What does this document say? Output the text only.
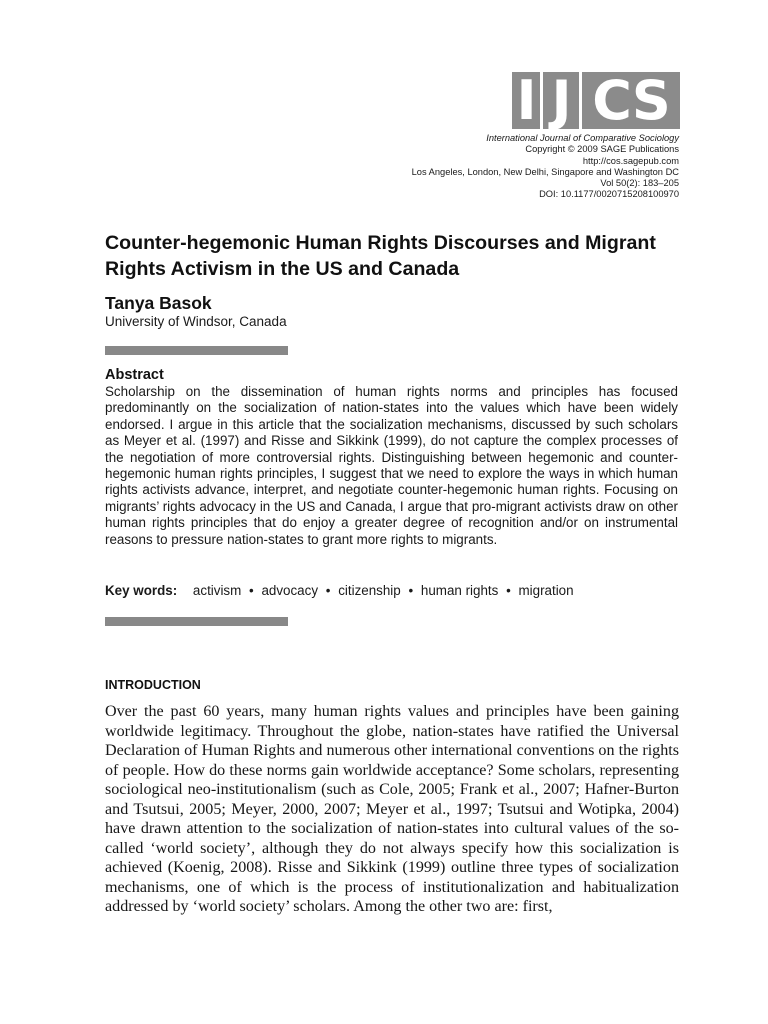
I J CS
International Journal of Comparative Sociology
Copyright © 2009 SAGE Publications
http://cos.sagepub.com
Los Angeles, London, New Delhi, Singapore and Washington DC
Vol 50(2): 183–205
DOI: 10.1177/0020715208100970
Counter-hegemonic Human Rights Discourses and Migrant Rights Activism in the US and Canada
Tanya Basok
University of Windsor, Canada
Abstract

Scholarship on the dissemination of human rights norms and principles has focused predominantly on the socialization of nation-states into the values which have been widely endorsed. I argue in this article that the socialization mechanisms, discussed by such scholars as Meyer et al. (1997) and Risse and Sikkink (1999), do not capture the complex processes of the negotiation of more controversial rights. Distinguishing between hegemonic and counter-hegemonic human rights principles, I suggest that we need to explore the ways in which human rights activists advance, interpret, and negotiate counter-hegemonic human rights. Focusing on migrants’ rights advocacy in the US and Canada, I argue that pro-migrant activists draw on other human rights principles that do enjoy a greater degree of recognition and/or on instrumental reasons to pressure nation-states to grant more rights to migrants.

Key words: activism • advocacy • citizenship • human rights • migration
INTRODUCTION

Over the past 60 years, many human rights values and principles have been gaining worldwide legitimacy. Throughout the globe, nation-states have ratified the Universal Declaration of Human Rights and numerous other international conventions on the rights of people. How do these norms gain worldwide acceptance? Some scholars, representing sociological neo-institutionalism (such as Cole, 2005; Frank et al., 2007; Hafner-Burton and Tsutsui, 2005; Meyer, 2000, 2007; Meyer et al., 1997; Tsutsui and Wotipka, 2004) have drawn attention to the socialization of nation-states into cultural values of the so-called ‘world society’, although they do not always specify how this socialization is achieved (Koenig, 2008). Risse and Sikkink (1999) outline three types of socialization mechanisms, one of which is the process of institutionalization and habitualization addressed by ‘world society’ scholars. Among the other two are: first,
